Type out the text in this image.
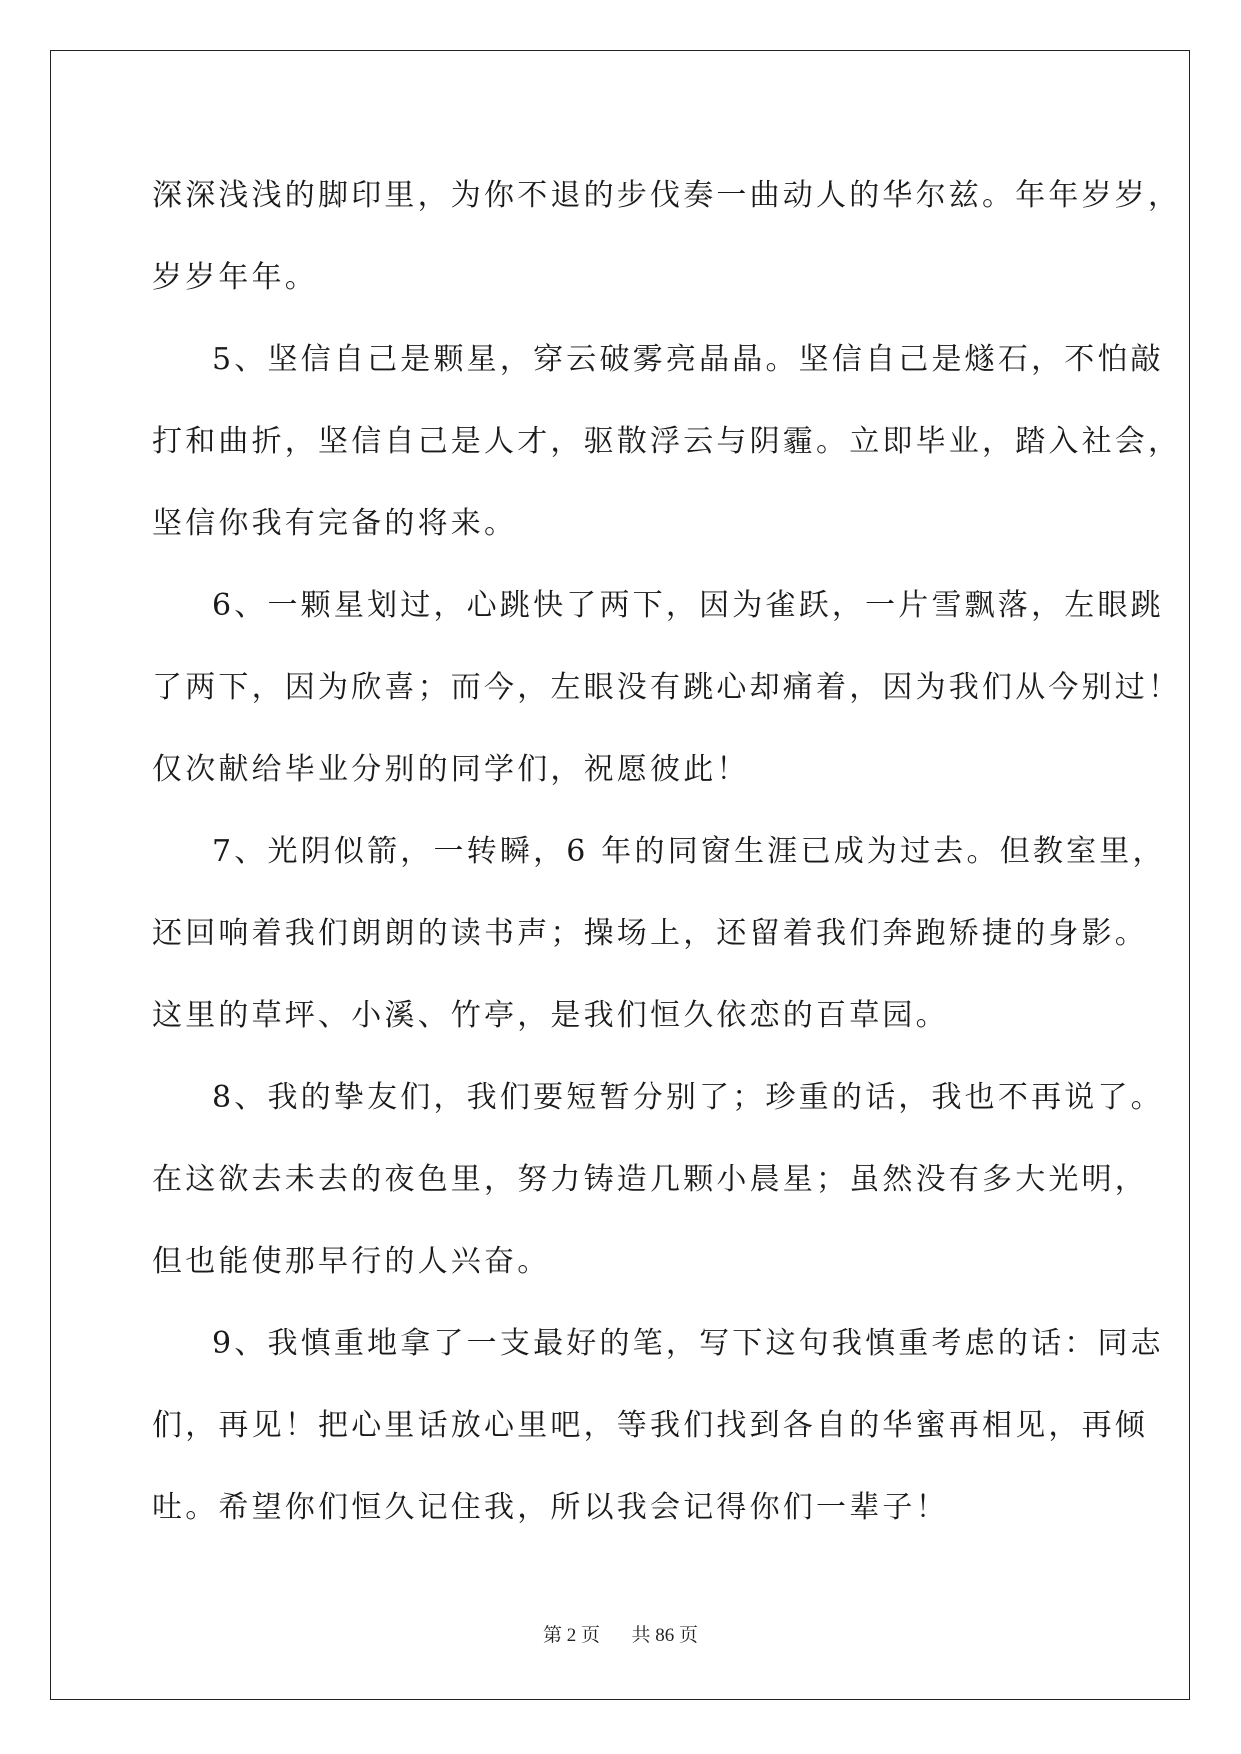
深深浅浅的脚印里，为你不退的步伐奏一曲动人的华尔兹。年年岁岁，
岁岁年年。
5、坚信自己是颗星，穿云破雾亮晶晶。坚信自己是燧石，不怕敲
打和曲折，坚信自己是人才，驱散浮云与阴霾。立即毕业，踏入社会，
坚信你我有完备的将来。
6、一颗星划过，心跳快了两下，因为雀跃，一片雪飘落，左眼跳
了两下，因为欣喜；而今，左眼没有跳心却痛着，因为我们从今别过！
仅次献给毕业分别的同学们，祝愿彼此！
7、光阴似箭，一转瞬，6 年的同窗生涯已成为过去。但教室里，
还回响着我们朗朗的读书声；操场上，还留着我们奔跑矫捷的身影。
这里的草坪、小溪、竹亭，是我们恒久依恋的百草园。
8、我的挚友们，我们要短暂分别了；珍重的话，我也不再说了。
在这欲去未去的夜色里，努力铸造几颗小晨星；虽然没有多大光明，
但也能使那早行的人兴奋。
9、我慎重地拿了一支最好的笔，写下这句我慎重考虑的话：同志
们，再见！把心里话放心里吧，等我们找到各自的华蜜再相见，再倾
吐。希望你们恒久记住我，所以我会记得你们一辈子！
第 2 页 共 86 页
